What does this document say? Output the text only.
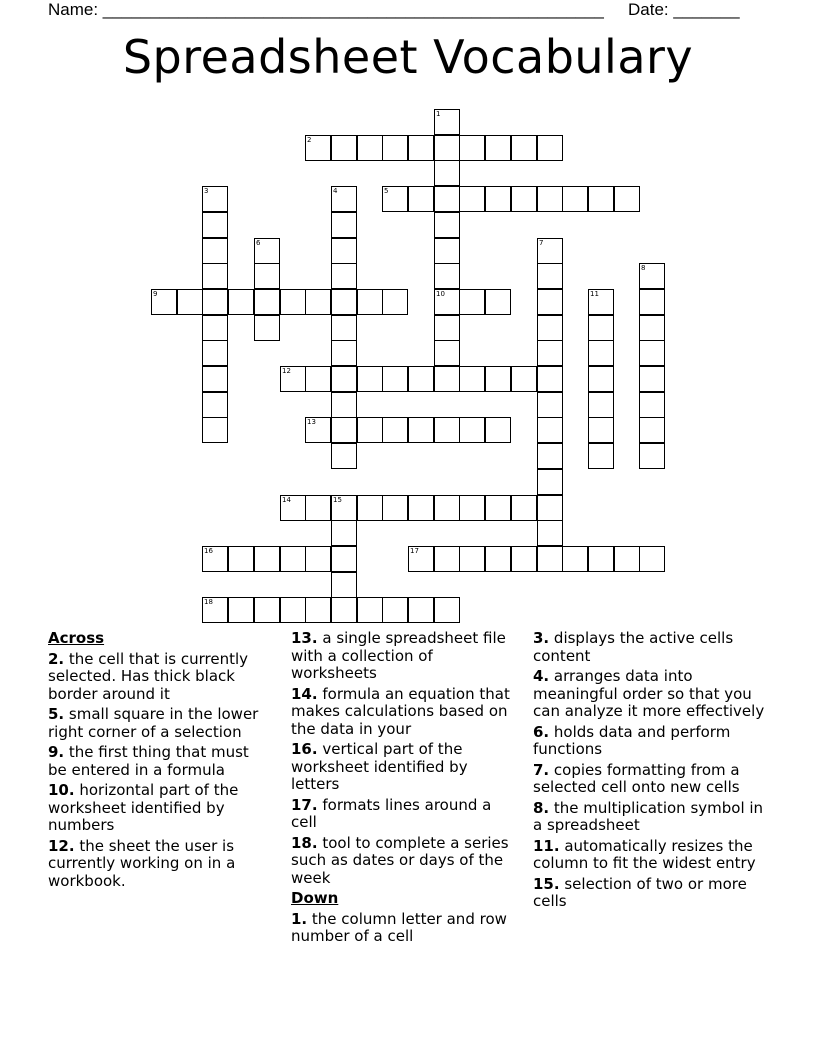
Name: _____________________________________________________ Date: _______
Spreadsheet Vocabulary
1
10
2
3	4	5
6	7
8
9	11
12
13
14	15
16	17
18
Across
2. the cell that is currently selected. Has thick black border around it
5. small square in the lower right corner of a selection
9. the first thing that must be entered in a formula
10. horizontal part of the worksheet identified by numbers
12. the sheet the user is currently working on in a workbook.
13. a single spreadsheet file with a collection of worksheets
14. formula an equation that makes calculations based on the data in your
16. vertical part of the worksheet identified by letters
17. formats lines around a cell
18. tool to complete a series such as dates or days of the week
Down
1. the column letter and row number of a cell
3. displays the active cells content
4. arranges data into meaningful order so that you can analyze it more effectively
6. holds data and perform functions
7. copies formatting from a selected cell onto new cells
8. the multiplication symbol in a spreadsheet
11. automatically resizes the column to fit the widest entry
15. selection of two or more cells
